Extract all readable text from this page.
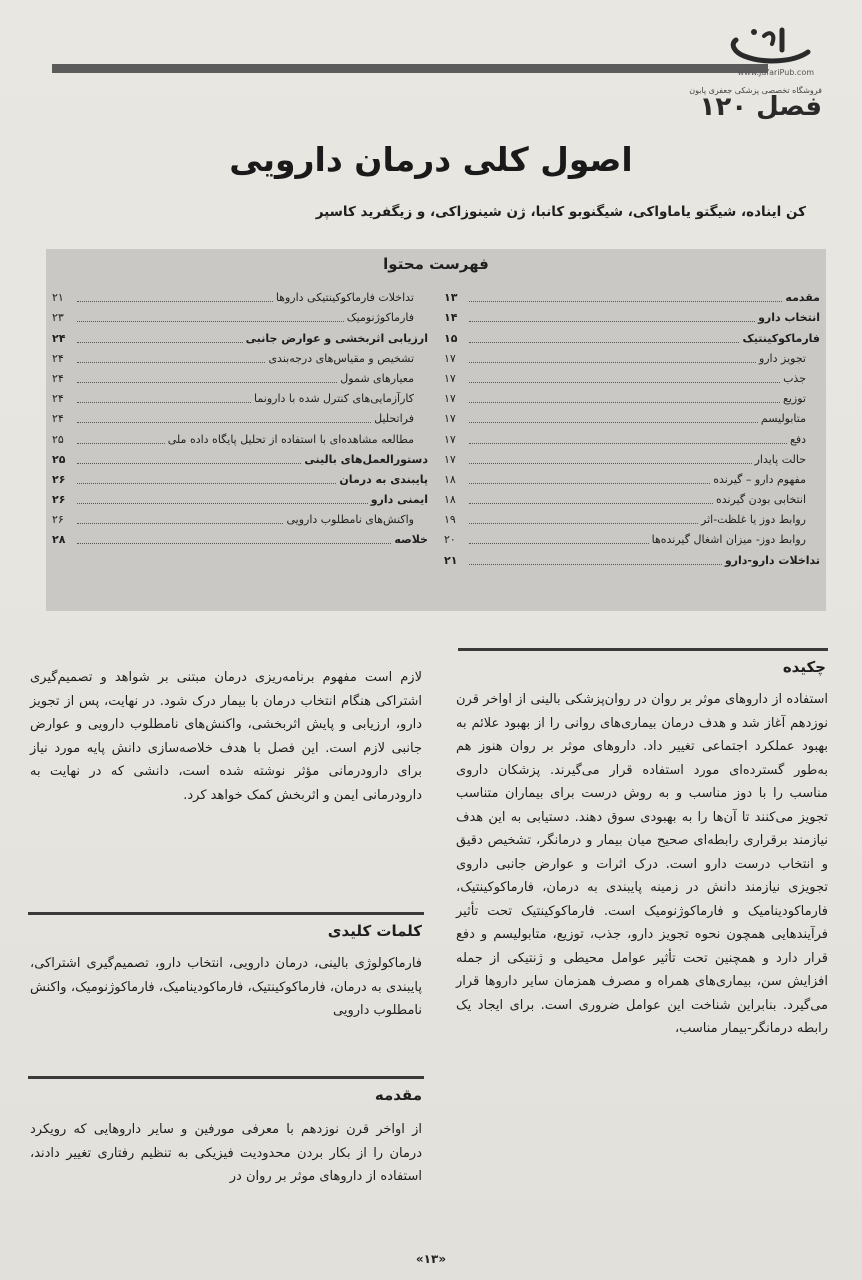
www.JafariPub.com
فروشگاه تخصصی پزشکی جعفری پابون
فصل ۱۲۰
اصول کلی درمان دارویی
کن ایناده، شیگتو یاماواکی، شیگنوبو کانبا، ژن شینوزاکی، و زیگفرید کاسپر
فهرست محتوا
مقدمه
۱۳
انتخاب دارو
۱۴
فارماکوکینتیک
۱۵
تجویز دارو
۱۷
جذب
۱۷
توزیع
۱۷
متابولیسم
۱۷
دفع
۱۷
حالت پایدار
۱۷
مفهوم دارو – گیرنده
۱۸
انتخابی بودن گیرنده
۱۸
روابط دوز یا غلظت-اثر
۱۹
روابط دوز- میزان اشغال گیرنده‌ها
۲۰
تداخلات دارو-دارو
۲۱
تداخلات فارماکوکینتیکی داروها
۲۱
فارماکوژنومیک
۲۳
ارزیابی اثربخشی و عوارض جانبی
۲۴
تشخیص و مقیاس‌های درجه‌بندی
۲۴
معیارهای شمول
۲۴
کارآزمایی‌های کنترل شده با دارونما
۲۴
فراتحلیل
۲۴
مطالعه مشاهده‌ای با استفاده از تحلیل پایگاه داده ملی
۲۵
دستورالعمل‌های بالینی
۲۵
پایبندی به درمان
۲۶
ایمنی دارو
۲۶
واکنش‌های نامطلوب دارویی
۲۶
خلاصه
۲۸
چکیده
استفاده از داروهای موثر بر روان در روان‌پزشکی بالینی از اواخر قرن نوزدهم آغاز شد و هدف درمان بیماری‌های روانی را از بهبود علائم به بهبود عملکرد اجتماعی تغییر داد. داروهای موثر بر روان هنوز هم به‌طور گسترده‌ای مورد استفاده قرار می‌گیرند. پزشکان داروی مناسب را با دوز مناسب و به روش درست برای بیماران متناسب تجویز می‌کنند تا آن‌ها را به بهبودی سوق دهند. دستیابی به این هدف نیازمند برقراری رابطه‌ای صحیح میان بیمار و درمانگر، تشخیص دقیق و انتخاب درست دارو است. درک اثرات و عوارض جانبی داروی تجویزی نیازمند دانش در زمینه پایبندی به درمان، فارماکوکینتیک، فارماکودینامیک و فارماکوژنومیک است. فارماکوکینتیک تحت تأثیر فرآیندهایی همچون نحوه تجویز دارو، جذب، توزیع، متابولیسم و دفع قرار دارد و همچنین تحت تأثیر عوامل محیطی و ژنتیکی از جمله افزایش سن، بیماری‌های همراه و مصرف همزمان سایر داروها قرار می‌گیرد. بنابراین شناخت این عوامل ضروری است. برای ایجاد یک رابطه درمانگر-بیمار مناسب،
لازم است مفهوم برنامه‌ریزی درمان مبتنی بر شواهد و تصمیم‌گیری اشتراکی هنگام انتخاب درمان با بیمار درک شود. در نهایت، پس از تجویز دارو، ارزیابی و پایش اثربخشی، واکنش‌های نامطلوب دارویی و عوارض جانبی لازم است. این فصل با هدف خلاصه‌سازی دانش پایه مورد نیاز برای دارودرمانی مؤثر نوشته شده است، دانشی که در نهایت به دارودرمانی ایمن و اثربخش کمک خواهد کرد.
کلمات کلیدی
فارماکولوژی بالینی، درمان دارویی، انتخاب دارو، تصمیم‌گیری اشتراکی، پایبندی به درمان، فارماکوکینتیک، فارماکودینامیک، فارماکوژنومیک، واکنش نامطلوب دارویی
مقدمه
از اواخر قرن نوزدهم با معرفی مورفین و سایر داروهایی که رویکرد درمان را از بکار بردن محدودیت فیزیکی به تنظیم رفتاری تغییر دادند، استفاده از داروهای موثر بر روان در
«۱۳»
